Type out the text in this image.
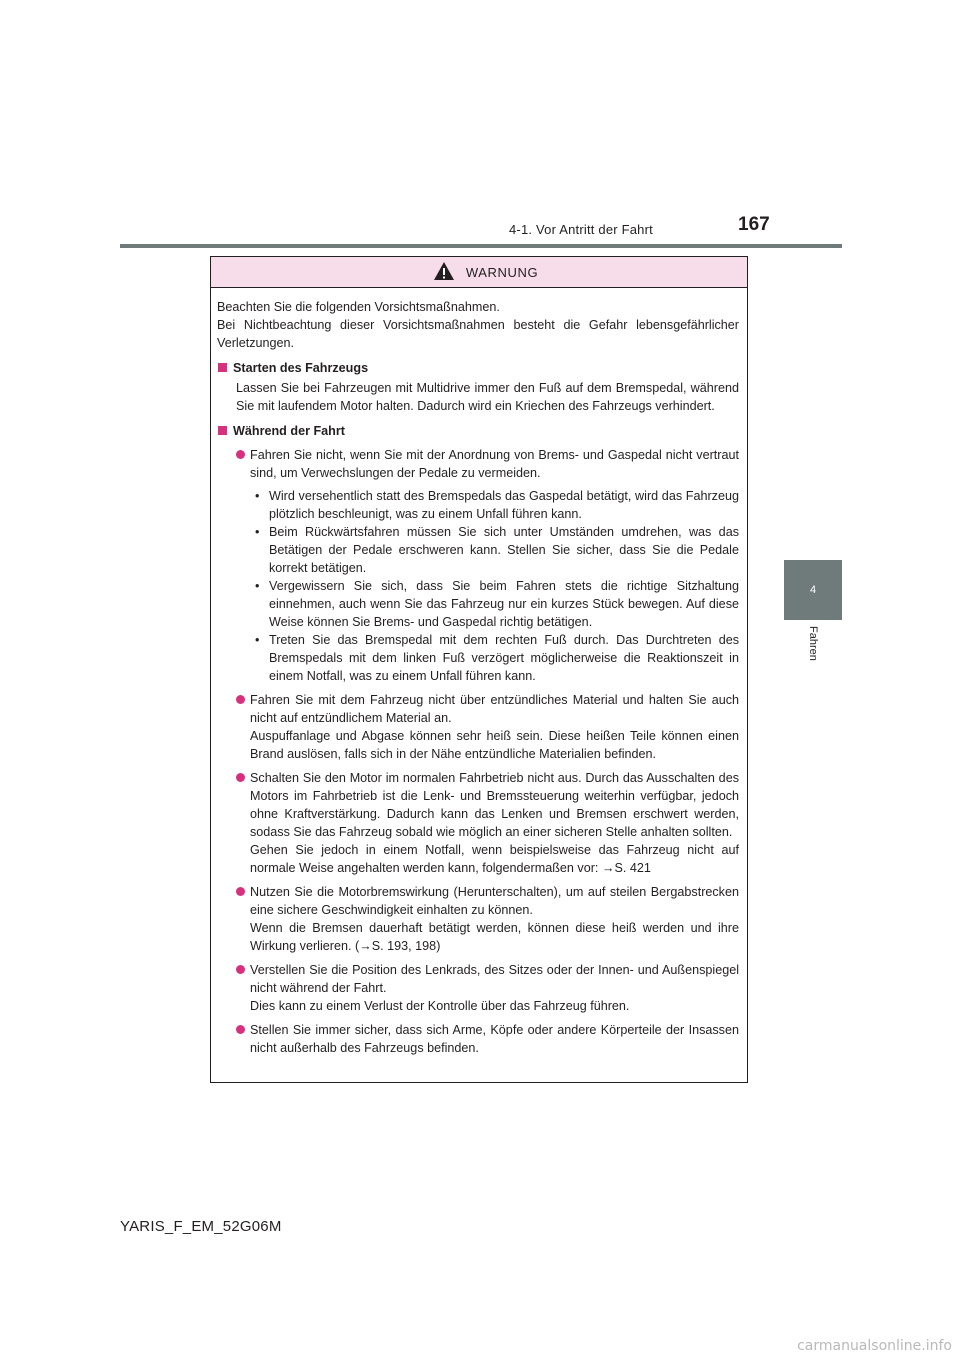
4-1. Vor Antritt der Fahrt	167
4
Fahren
WARNUNG

Beachten Sie die folgenden Vorsichtsmaßnahmen.

Bei Nichtbeachtung dieser Vorsichtsmaßnahmen besteht die Gefahr lebensgefährlicher Verletzungen.

Starten des Fahrzeugs

Lassen Sie bei Fahrzeugen mit Multidrive immer den Fuß auf dem Bremspedal, während Sie mit laufendem Motor halten. Dadurch wird ein Kriechen des Fahrzeugs verhindert.

Während der Fahrt
Fahren Sie nicht, wenn Sie mit der Anordnung von Brems- und Gaspedal nicht vertraut sind, um Verwechslungen der Pedale zu vermeiden.
• Wird versehentlich statt des Bremspedals das Gaspedal betätigt, wird das Fahrzeug plötzlich beschleunigt, was zu einem Unfall führen kann.
• Beim Rückwärtsfahren müssen Sie sich unter Umständen umdrehen, was das Betätigen der Pedale erschweren kann. Stellen Sie sicher, dass Sie die Pedale korrekt betätigen.
• Vergewissern Sie sich, dass Sie beim Fahren stets die richtige Sitzhaltung einnehmen, auch wenn Sie das Fahrzeug nur ein kurzes Stück bewegen. Auf diese Weise können Sie Brems- und Gaspedal richtig betätigen.
• Treten Sie das Bremspedal mit dem rechten Fuß durch. Das Durchtreten des Bremspedals mit dem linken Fuß verzögert möglicherweise die Reaktionszeit in einem Notfall, was zu einem Unfall führen kann.
Fahren Sie mit dem Fahrzeug nicht über entzündliches Material und halten Sie auch nicht auf entzündlichem Material an.
Auspuffanlage und Abgase können sehr heiß sein. Diese heißen Teile können einen Brand auslösen, falls sich in der Nähe entzündliche Materialien befinden.
Schalten Sie den Motor im normalen Fahrbetrieb nicht aus. Durch das Ausschalten des Motors im Fahrbetrieb ist die Lenk- und Bremssteuerung weiterhin verfügbar, jedoch ohne Kraftverstärkung. Dadurch kann das Lenken und Bremsen erschwert werden, sodass Sie das Fahrzeug sobald wie möglich an einer sicheren Stelle anhalten sollten.
Gehen Sie jedoch in einem Notfall, wenn beispielsweise das Fahrzeug nicht auf normale Weise angehalten werden kann, folgendermaßen vor: →S. 421
Nutzen Sie die Motorbremswirkung (Herunterschalten), um auf steilen Bergabstrecken eine sichere Geschwindigkeit einhalten zu können.
Wenn die Bremsen dauerhaft betätigt werden, können diese heiß werden und ihre Wirkung verlieren. (→S. 193, 198)
Verstellen Sie die Position des Lenkrads, des Sitzes oder der Innen- und Außenspiegel nicht während der Fahrt.
Dies kann zu einem Verlust der Kontrolle über das Fahrzeug führen.
Stellen Sie immer sicher, dass sich Arme, Köpfe oder andere Körperteile der Insassen nicht außerhalb des Fahrzeugs befinden.
YARIS_F_EM_52G06M
carmanualsonline.info
